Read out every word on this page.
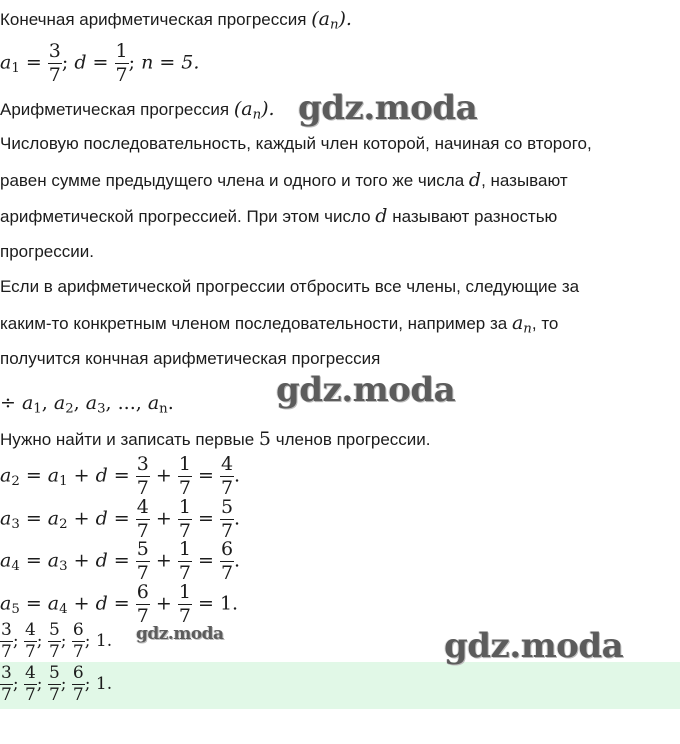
Конечная арифметическая прогрессия $(a_n)$.
$a_1 = \frac{3}{7}$ ; $d = \frac{1}{7}$ ; n = 5.
Арифметическая прогрессия $(a_n)$.
Числовую последовательность, каждый член которой, начиная со второго,
равен сумме предыдущего члена и одного и того же числа d, называют
арифметической прогрессией. При этом число d называют разностью
прогрессии.
Если в арифметической прогрессии отбросить все члены, следующие за
каким-то конкретным членом последовательности, например за $a_n$, то
получится кончная арифметическая прогрессия
÷ $a_1$, $a_2$, $a_3$, ..., $a_n$.
Нужно найти и записать первые 5 членов прогрессии.
$a_2 = a_1 + d = \frac{3}{7} + \frac{1}{7} = \frac{4}{7}$ .
$a_3 = a_2 + d = \frac{4}{7} + \frac{1}{7} = \frac{5}{7}$ .
$a_4 = a_3 + d = \frac{5}{7} + \frac{1}{7} = \frac{6}{7}$ .
$a_5 = a_4 + d = \frac{6}{7} + \frac{1}{7} = 1$.
$\frac{3}{7}$ ; $\frac{4}{7}$ ; $\frac{5}{7}$ ; $\frac{6}{7}$ ; 1.
$\frac{3}{7}$ ; $\frac{4}{7}$ ; $\frac{5}{7}$ ; $\frac{6}{7}$ ; 1.
gdz.moda
gdz.moda
gdz.moda	gdz.moda
